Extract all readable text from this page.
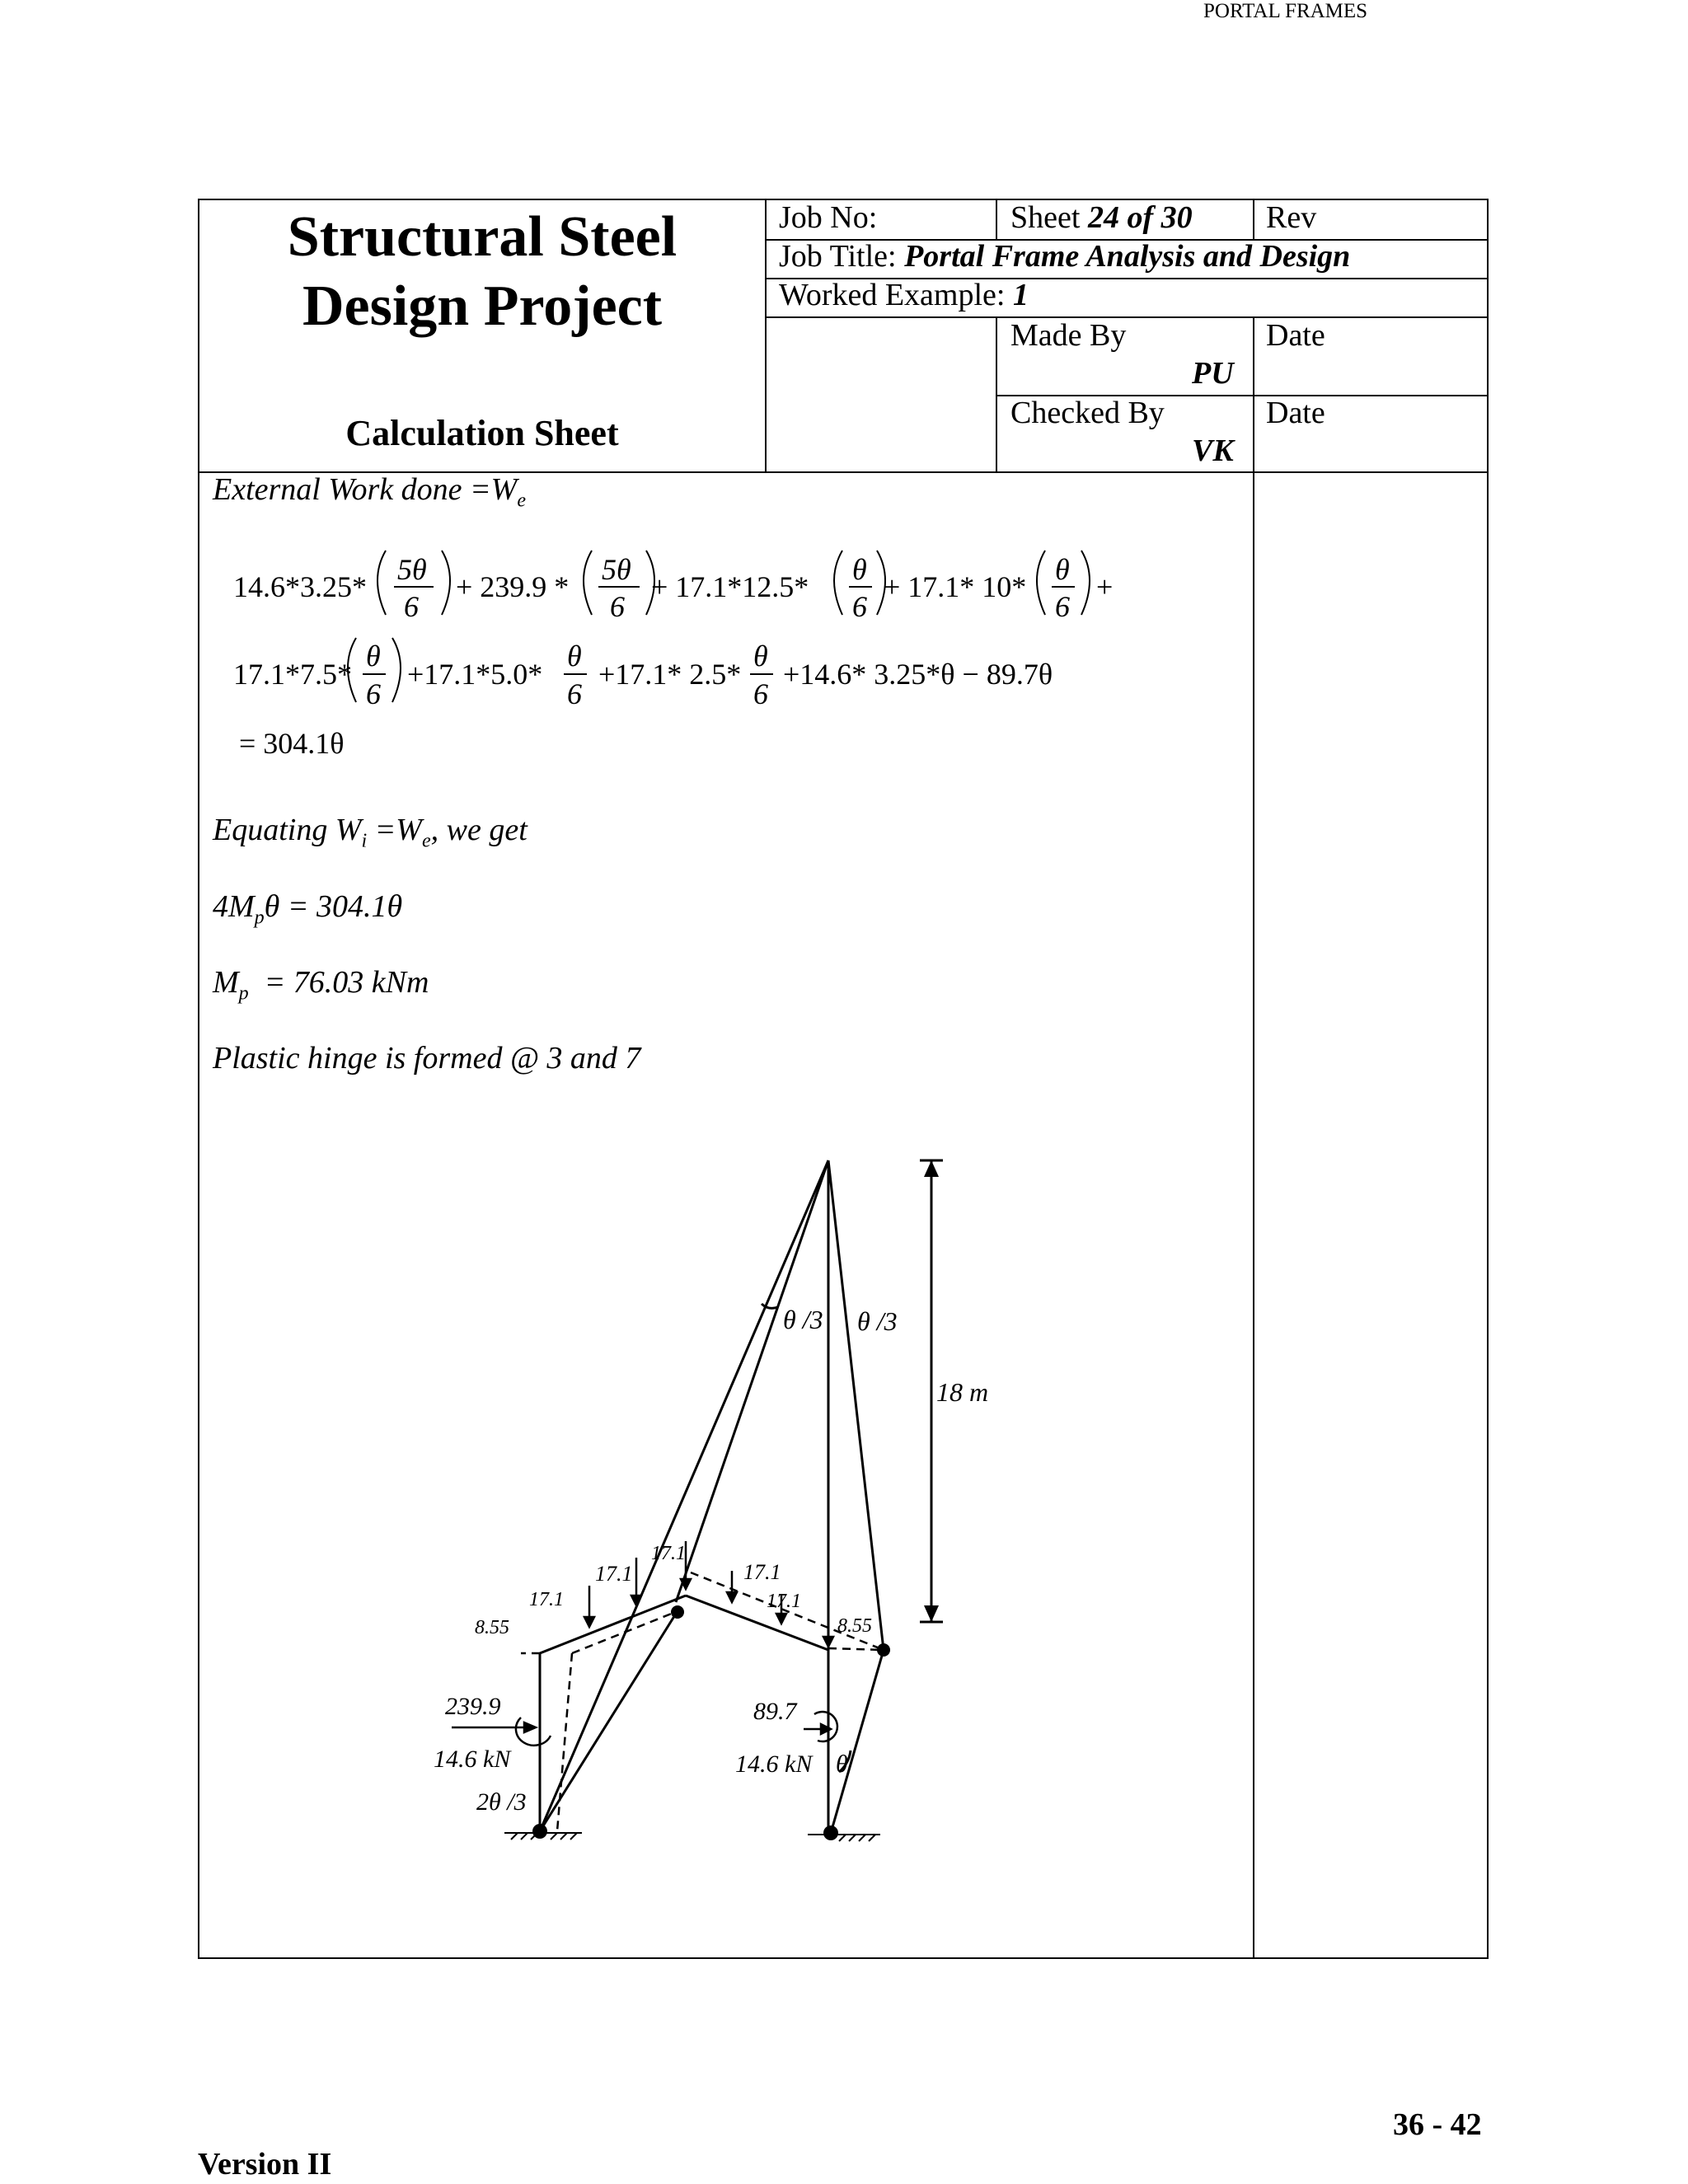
PORTAL FRAMES
Structural Steel
Design Project
Calculation Sheet
Job No:	Sheet 24 of 30 Rev
Job Title: Portal Frame Analysis and Design
Worked Example: 1
Made By
PU
Date
Checked By
VK
Date
External Work done $=W_e$
14.6*3.25*
5θ
6
+ 239.9 *
5θ
6
+ 17.1*12.5*
θ
6
+ 17.1* 10*
θ
6
+
17.1*7.5*
θ
6
+17.1*5.0*
θ
6
+17.1* 2.5*
θ
6
+14.6* 3.25*θ − 89.7θ
= 304.1θ
Equating $W_i =W_e$, we get
$4M_p\theta = 304.1\theta$
$M_p = 76.03$ kNm
Plastic hinge is formed @ 3 and 7
θ /3 θ /3
18 m
17.1
17.1
17.1
17.1
17.1
8.55	8.55
239.9
14.6 kN
89.7
14.6 kN
2θ /3
θ
36 - 42
Version II
